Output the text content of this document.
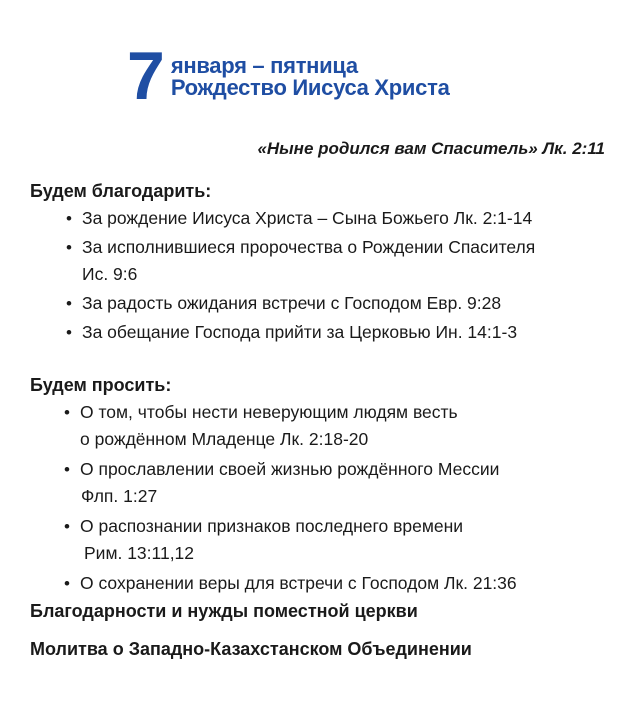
7 января – пятница
Рождество Иисуса Христа
«Ныне родился вам Спаситель» Лк. 2:11
Будем благодарить:
• За рождение Иисуса Христа – Сына Божьего Лк. 2:1-14
• За исполнившиеся пророчества о Рождении Спасителя
Ис. 9:6
• За радость ожидания встречи с Господом Евр. 9:28
• За обещание Господа прийти за Церковью Ин. 14:1-3
Будем просить:
• О том, чтобы нести неверующим людям весть
о рождённом Младенце Лк. 2:18-20
• О прославлении своей жизнью рождённого Мессии
Флп. 1:27
• О распознании признаков последнего времени
Рим. 13:11,12
• О сохранении веры для встречи с Господом Лк. 21:36
Благодарности и нужды поместной церкви
Молитва о Западно-Казахстанском Объединении
